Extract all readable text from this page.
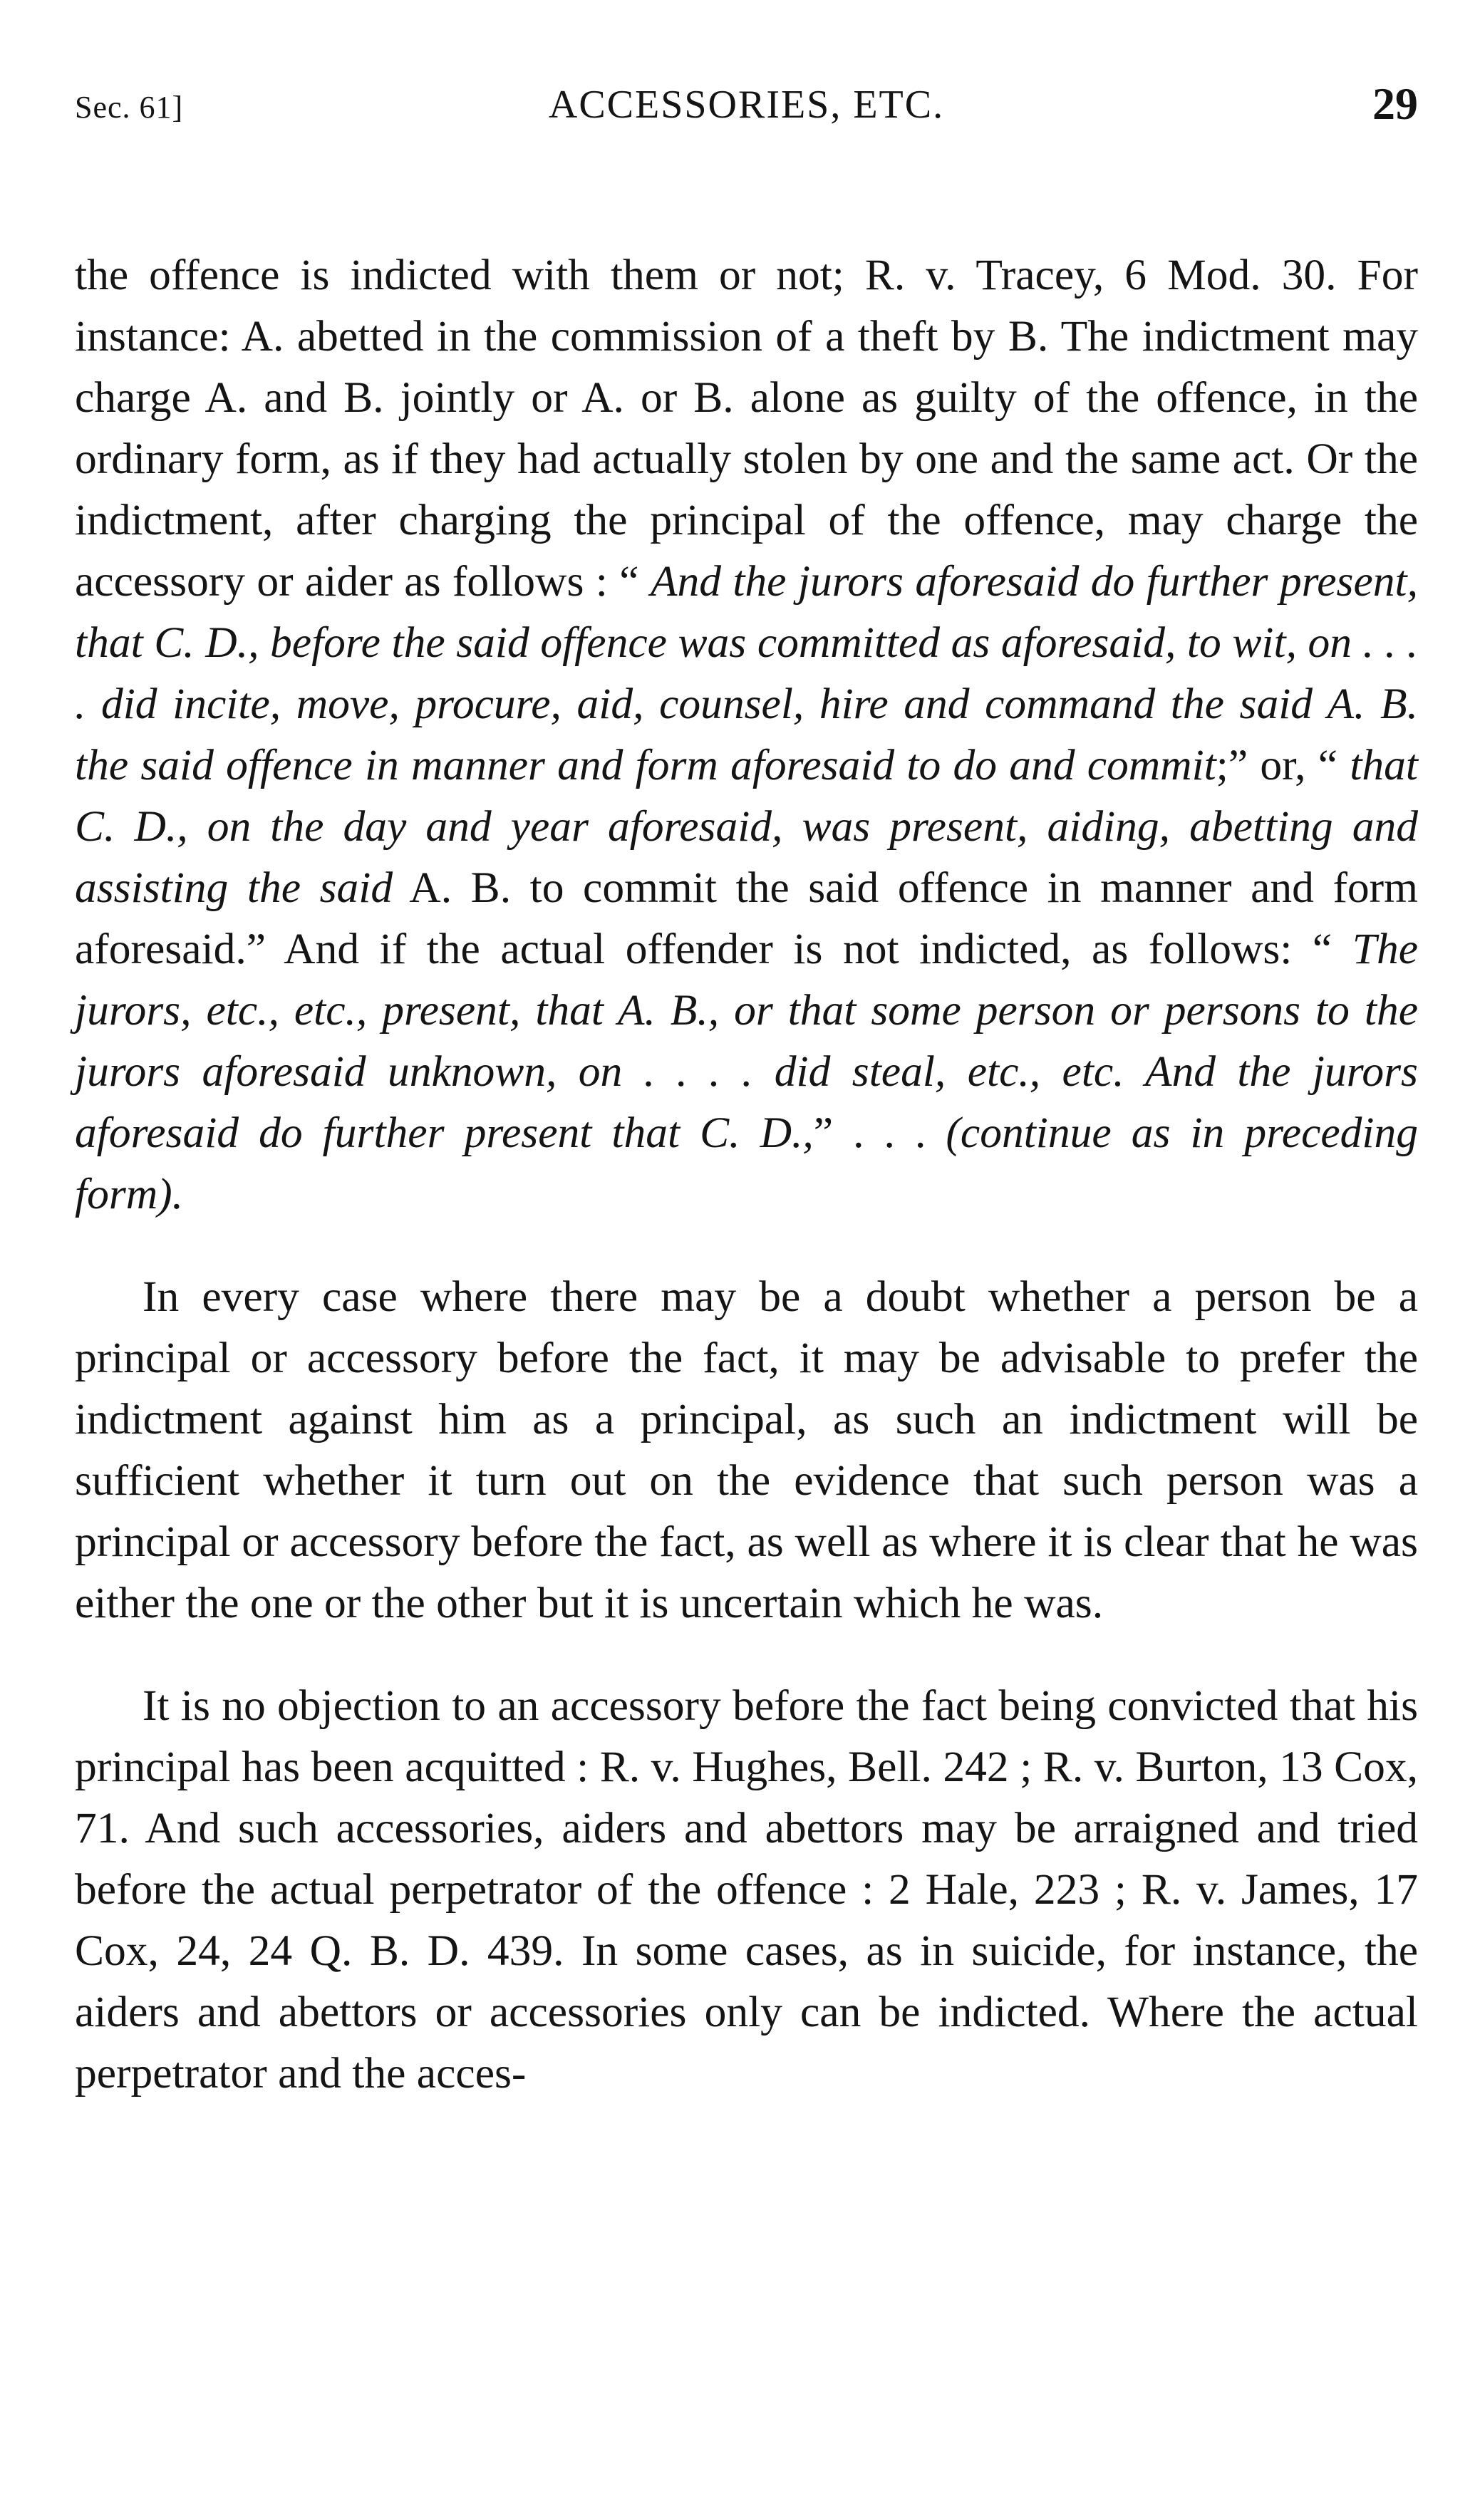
Sec. 61]	ACCESSORIES, ETC.	29

the offence is indicted with them or not; R. v. Tracey, 6 Mod. 30. For instance: A. abetted in the commission of a theft by B. The indictment may charge A. and B. jointly or A. or B. alone as guilty of the offence, in the ordinary form, as if they had actually stolen by one and the same act. Or the indictment, after charging the principal of the offence, may charge the accessory or aider as follows : “ And the jurors aforesaid do further present, that C. D., before the said offence was committed as aforesaid, to wit, on . . . . did incite, move, procure, aid, counsel, hire and command the said A. B. the said offence in manner and form aforesaid to do and commit;” or, “ that C. D., on the day and year aforesaid, was present, aiding, abetting and assisting the said A. B. to commit the said offence in manner and form aforesaid.” And if the actual offender is not indicted, as follows: “ The jurors, etc., etc., present, that A. B., or that some person or persons to the jurors aforesaid unknown, on . . . . did steal, etc., etc. And the jurors aforesaid do further present that C. D.,” . . . (continue as in preceding form).

In every case where there may be a doubt whether a person be a principal or accessory before the fact, it may be advisable to prefer the indictment against him as a principal, as such an indictment will be sufficient whether it turn out on the evidence that such person was a principal or accessory before the fact, as well as where it is clear that he was either the one or the other but it is uncertain which he was.

It is no objection to an accessory before the fact being convicted that his principal has been acquitted : R. v. Hughes, Bell. 242 ; R. v. Burton, 13 Cox, 71. And such accessories, aiders and abettors may be arraigned and tried before the actual perpetrator of the offence : 2 Hale, 223 ; R. v. James, 17 Cox, 24, 24 Q. B. D. 439. In some cases, as in suicide, for instance, the aiders and abettors or accessories only can be indicted. Where the actual perpetrator and the acces-
